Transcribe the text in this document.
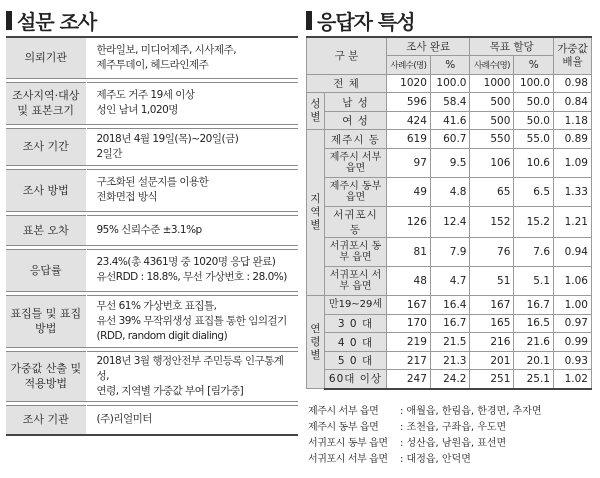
설문 조사
의뢰기관	한라일보, 미디어제주, 시사제주,
제주투데이, 헤드라인제주

조사지역·대상 및 표본크기	제주도 거주 19세 이상
성인 남녀 1,020명

조사 기간	2018년 4월 19일(목)~20일(금)
2일간

조사 방법	구조화된 설문지를 이용한
전화면접 방식

표본 오차	95% 신뢰수준 ±3.1%p

응답률	23.4%(총 4361명 중 1020명 응답 완료)
유선RDD : 18.8%, 무선 가상번호 : 28.0%)

표집틀 및 표집방법	무선 61% 가상번호 표집틀,
유선 39% 무작위생성 표집틀 통한 임의걸기
(RDD, random digit dialing)

가중값 산출 및 적용방법	2018년 3월 행정안전부 주민등록 인구통계 성,
연령, 지역별 가중값 부여 [림가중]

조사 기관	(주)리얼미터
응답자 특성
구 분		조사 완료		목표 할당		가중값 배율
		사례수(명)	%	사례수(명)	%	
전 체		1020	100.0	1000	100.0	0.98

성
별	남 성	596	58.4	500	50.0	0.84
	여 성	424	41.6	500	50.0	1.18

지
역
별	제주시 동	619	60.7	550	55.0	0.89
	제주시 서부 읍면	97	9.5	106	10.6	1.09
	제주시 동부 읍면	49	4.8	65	6.5	1.33
	서귀포시 동	126	12.4	152	15.2	1.21
	서귀포시 동부 읍면	81	7.9	76	7.6	0.94
	서귀포시 서부 읍면	48	4.7	51	5.1	1.06

연
령
별	만19~29세	167	16.4	167	16.7	1.00
	3 0 대	170	16.7	165	16.5	0.97
	4 0 대	219	21.5	216	21.6	0.99
	5 0 대	217	21.3	201	20.1	0.93
	60대 이상	247	24.2	251	25.1	1.02
제주시 서부 읍면	: 애월읍, 한림읍, 한경면, 추자면
제주시 동부 읍면	: 조천읍, 구좌읍, 우도면
서귀포시 동부 읍면	: 성산읍, 남원읍, 표선면
서귀포시 서부 읍면	: 대정읍, 안덕면
